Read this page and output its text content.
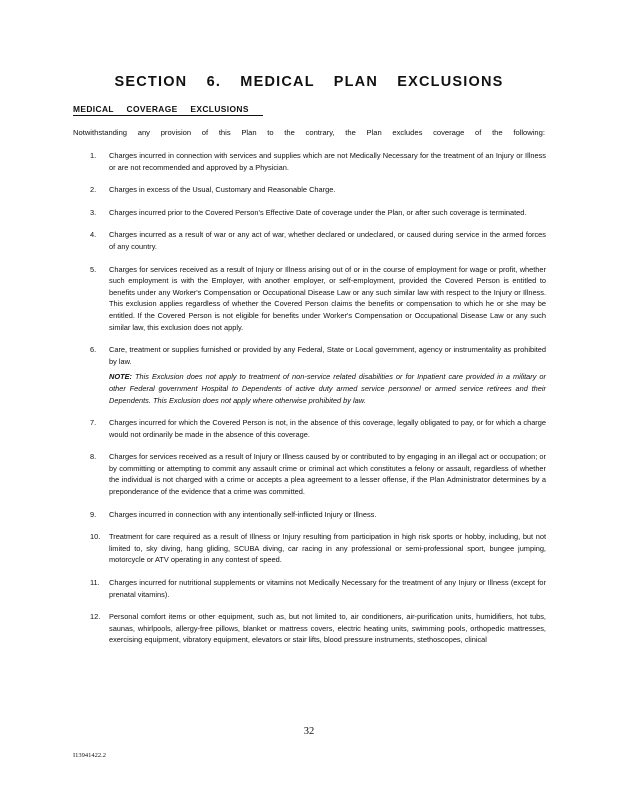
SECTION 6. MEDICAL PLAN EXCLUSIONS

MEDICAL COVERAGE EXCLUSIONS

Notwithstanding any provision of this Plan to the contrary, the Plan excludes coverage of the following:

1. Charges incurred in connection with services and supplies which are not Medically Necessary for the treatment of an Injury or Illness or are not recommended and approved by a Physician.
2. Charges in excess of the Usual, Customary and Reasonable Charge.
3. Charges incurred prior to the Covered Person's Effective Date of coverage under the Plan, or after such coverage is terminated.
4. Charges incurred as a result of war or any act of war, whether declared or undeclared, or caused during service in the armed forces of any country.
5. Charges for services received as a result of Injury or Illness arising out of or in the course of employment for wage or profit, whether such employment is with the Employer, with another employer, or self-employment, provided the Covered Person is entitled to benefits under any Worker's Compensation or Occupational Disease Law or any such similar law with respect to the Injury or Illness. This exclusion applies regardless of whether the Covered Person claims the benefits or compensation to which he or she may be entitled. If the Covered Person is not eligible for benefits under Worker's Compensation or Occupational Disease Law or any such similar law, this exclusion does not apply.
6. Care, treatment or supplies furnished or provided by any Federal, State or Local government, agency or instrumentality as prohibited by law.

NOTE: This Exclusion does not apply to treatment of non-service related disabilities or for Inpatient care provided in a military or other Federal government Hospital to Dependents of active duty armed service personnel or armed service retirees and their Dependents. This Exclusion does not apply where otherwise prohibited by law.

7. Charges incurred for which the Covered Person is not, in the absence of this coverage, legally obligated to pay, or for which a charge would not ordinarily be made in the absence of this coverage.
8. Charges for services received as a result of Injury or Illness caused by or contributed to by engaging in an illegal act or occupation; or by committing or attempting to commit any assault crime or criminal act which constitutes a felony or assault, regardless of whether the individual is not charged with a crime or accepts a plea agreement to a lesser offense, if the Plan Administrator determines by a preponderance of the evidence that a crime was committed.
9. Charges incurred in connection with any intentionally self-inflicted Injury or Illness.
10. Treatment for care required as a result of Illness or Injury resulting from participation in high risk sports or hobby, including, but not limited to, sky diving, hang gliding, SCUBA diving, car racing in any professional or semi-professional sport, bungee jumping, motorcycle or ATV operating in any contest of speed.
11. Charges incurred for nutritional supplements or vitamins not Medically Necessary for the treatment of any Injury or Illness (except for prenatal vitamins).
12. Personal comfort items or other equipment, such as, but not limited to, air conditioners, air-purification units, humidifiers, hot tubs, saunas, whirlpools, allergy-free pillows, blanket or mattress covers, electric heating units, swimming pools, orthopedic mattresses, exercising equipment, vibratory equipment, elevators or stair lifts, blood pressure instruments, stethoscopes, clinical

32

I13941422.2
